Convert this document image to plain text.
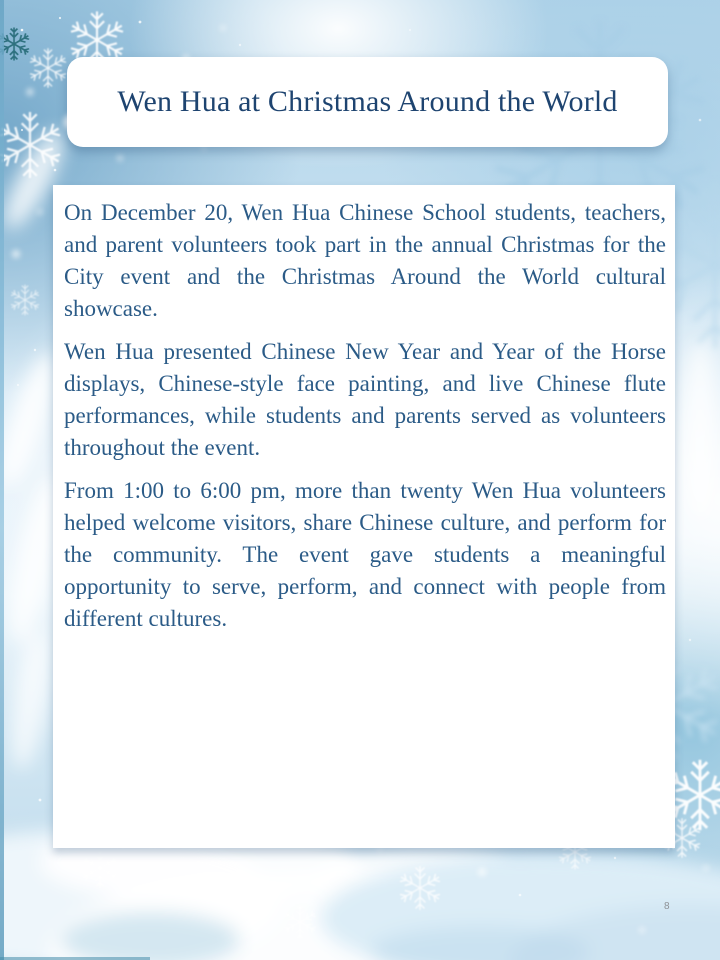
Wen Hua at Christmas Around the World

On December 20, Wen Hua Chinese School students, teachers, and parent volunteers took part in the annual Christmas for the City event and the Christmas Around the World cultural showcase.

Wen Hua presented Chinese New Year and Year of the Horse displays, Chinese-style face painting, and live Chinese flute performances, while students and parents served as volunteers throughout the event.

From 1:00 to 6:00 pm, more than twenty Wen Hua volunteers helped welcome visitors, share Chinese culture, and perform for the community. The event gave students a meaningful opportunity to serve, perform, and connect with people from different cultures.

8
